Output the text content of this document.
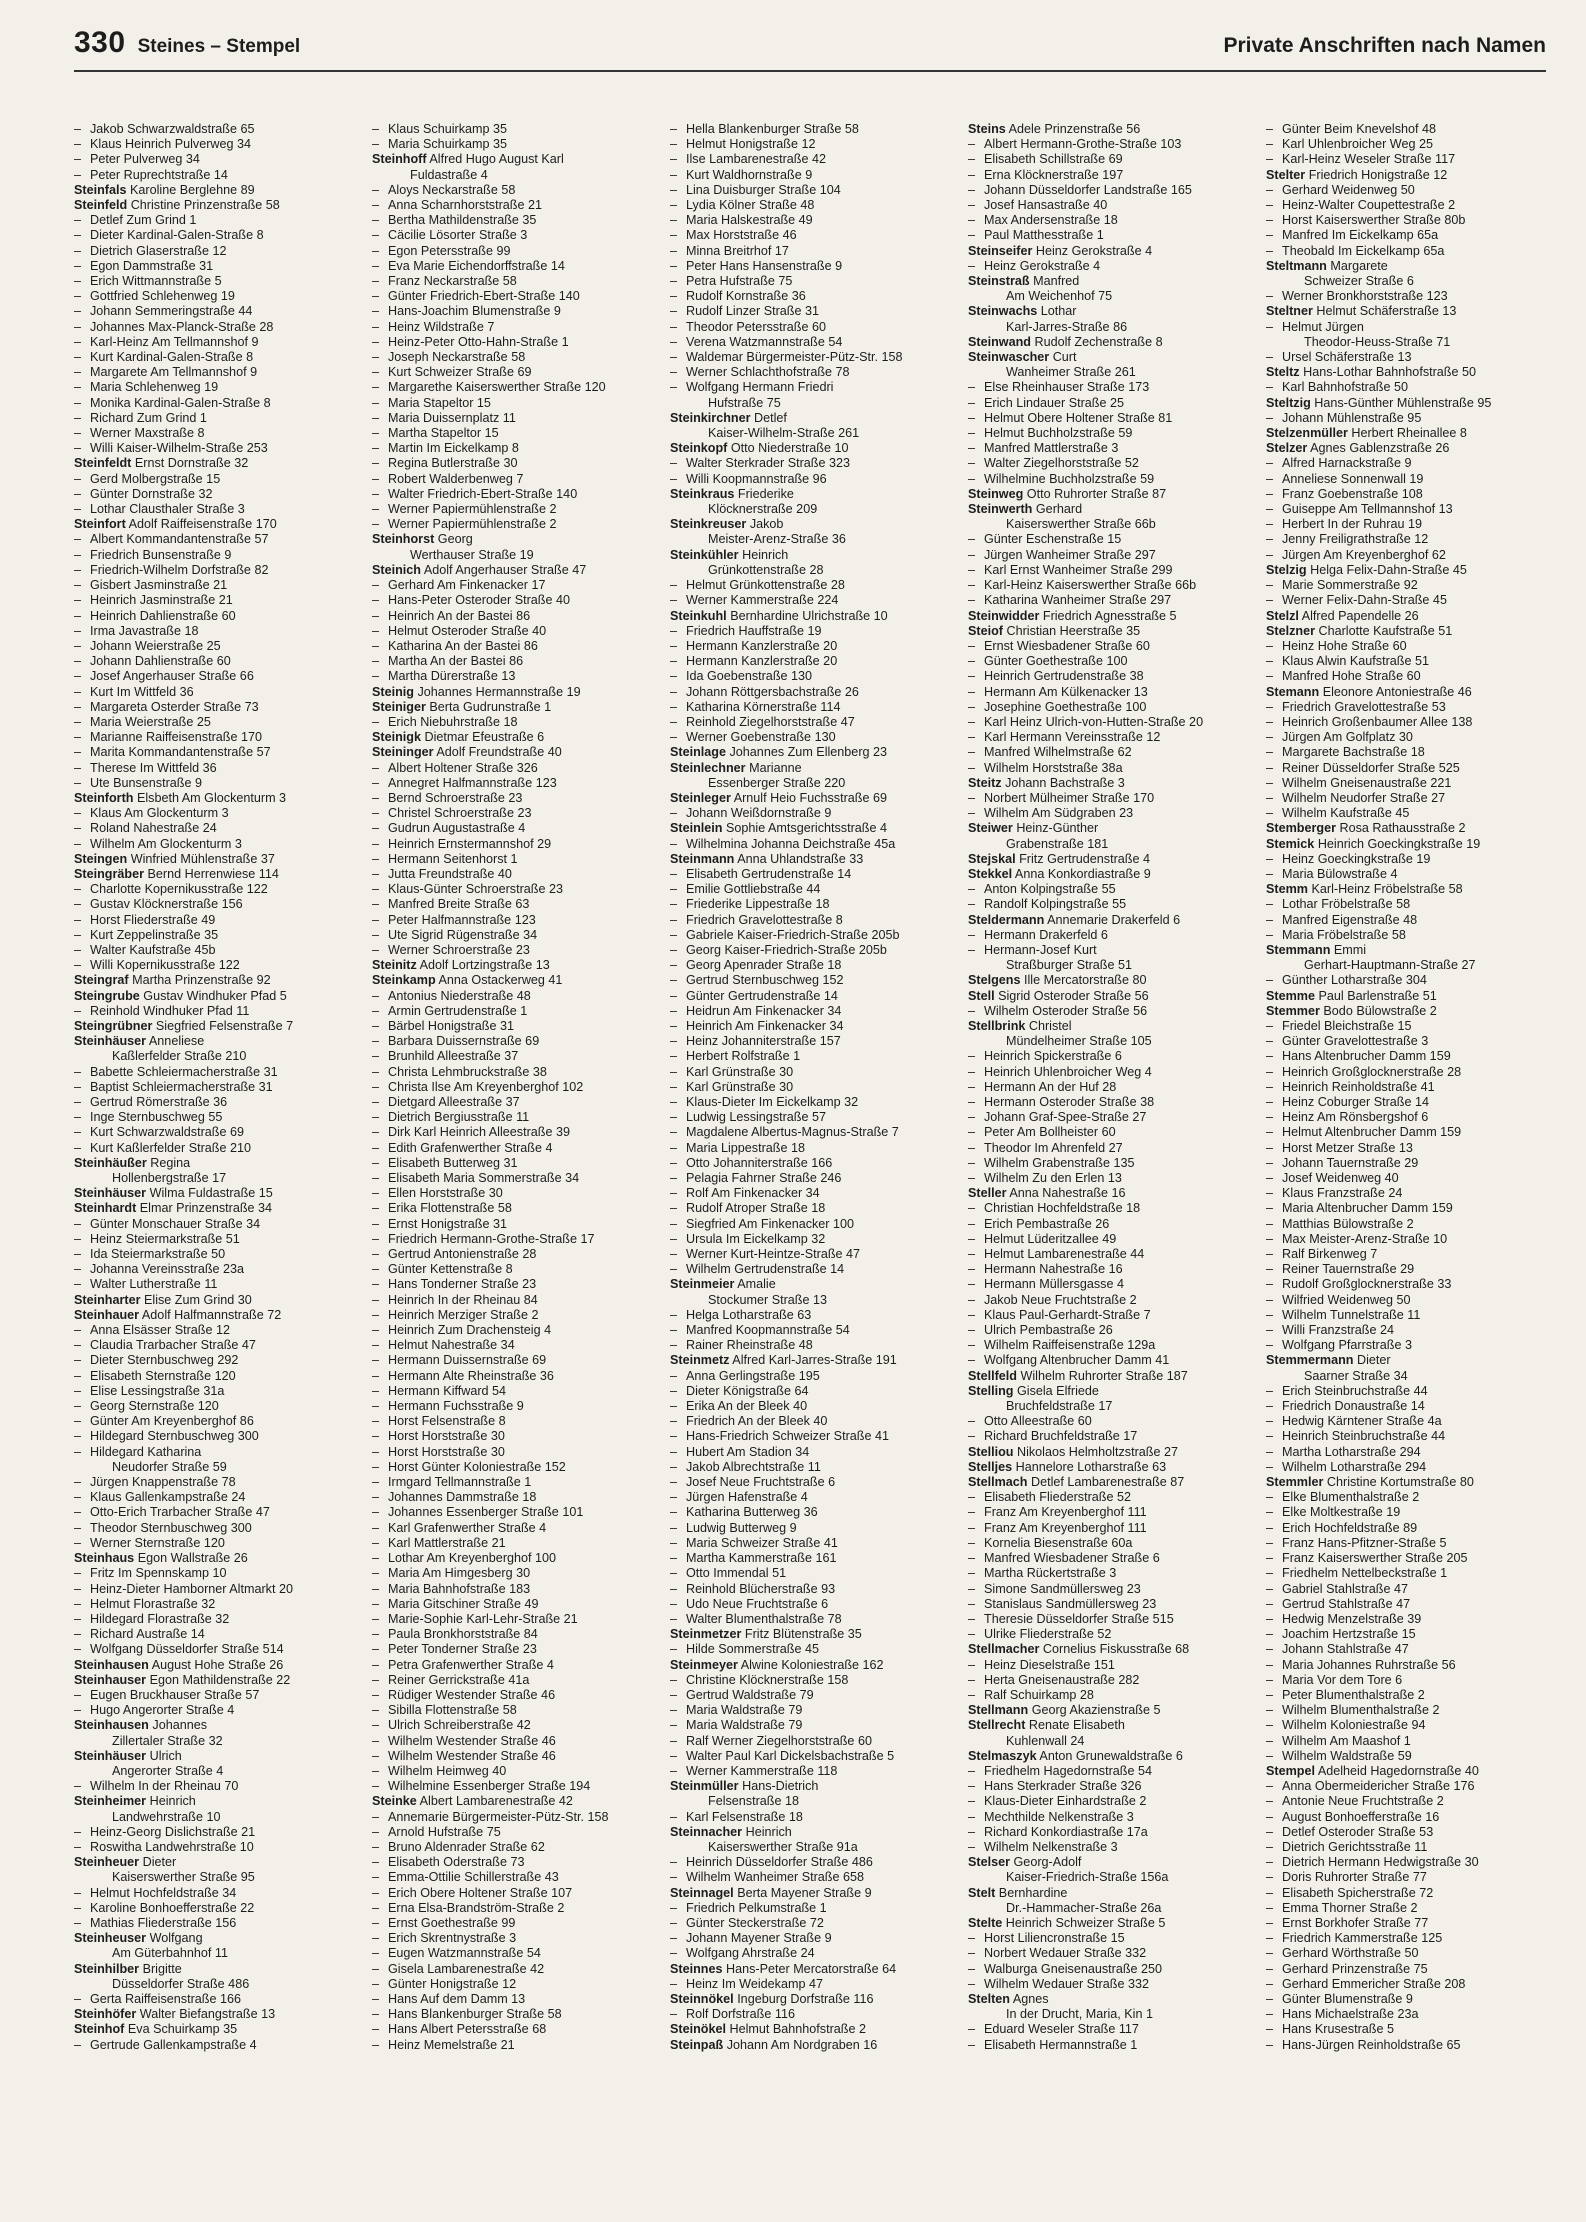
330 Steines – Stempel	Private Anschriften nach Namen
– Jakob Schwarzwaldstraße 65
– Klaus Heinrich Pulverweg 34
– Peter Pulverweg 34
– Peter Ruprechtstraße 14
Steinfals Karoline Berglehne 89
Steinfeld Christine Prinzenstraße 58
– Detlef Zum Grind 1
– Dieter Kardinal-Galen-Straße 8
– Dietrich Glaserstraße 12
– Egon Dammstraße 31
– Erich Wittmannstraße 5
– Gottfried Schlehenweg 19
– Johann Semmeringstraße 44
– Johannes Max-Planck-Straße 28
– Karl-Heinz Am Tellmannshof 9
– Kurt Kardinal-Galen-Straße 8
– Margarete Am Tellmannshof 9
– Maria Schlehenweg 19
– Monika Kardinal-Galen-Straße 8
– Richard Zum Grind 1
– Werner Maxstraße 8
– Willi Kaiser-Wilhelm-Straße 253
Steinfeldt Ernst Dornstraße 32
– Gerd Molbergstraße 15
– Günter Dornstraße 32
– Lothar Clausthaler Straße 3
Steinfort Adolf Raiffeisenstraße 170
– Albert Kommandantenstraße 57
– Friedrich Bunsenstraße 9
– Friedrich-Wilhelm Dorfstraße 82
– Gisbert Jasminstraße 21
– Heinrich Jasminstraße 21
– Heinrich Dahlienstraße 60
– Irma Javastraße 18
– Johann Weierstraße 25
– Johann Dahlienstraße 60
– Josef Angerhauser Straße 66
– Kurt Im Wittfeld 36
– Margareta Osterder Straße 73
– Maria Weierstraße 25
– Marianne Raiffeisenstraße 170
– Marita Kommandantenstraße 57
– Therese Im Wittfeld 36
– Ute Bunsenstraße 9
Steinforth Elsbeth Am Glockenturm 3
– Klaus Am Glockenturm 3
– Roland Nahestraße 24
– Wilhelm Am Glockenturm 3
Steingen Winfried Mühlenstraße 37
Steingräber Bernd Herrenwiese 114
– Charlotte Kopernikusstraße 122
– Gustav Klöcknerstraße 156
– Horst Fliederstraße 49
– Kurt Zeppelinstraße 35
– Walter Kaufstraße 45b
– Willi Kopernikusstraße 122
Steingraf Martha Prinzenstraße 92
Steingrube Gustav Windhuker Pfad 5
– Reinhold Windhuker Pfad 11
Steingrübner Siegfried Felsenstraße 7
Steinhäuser Anneliese
Kaßlerfelder Straße 210
– Babette Schleiermacherstraße 31
– Baptist Schleiermacherstraße 31
– Gertrud Römerstraße 36
– Inge Sternbuschweg 55
– Kurt Schwarzwaldstraße 69
– Kurt Kaßlerfelder Straße 210
Steinhäußer Regina
Hollenbergstraße 17
Steinhäuser Wilma Fuldastraße 15
Steinhardt Elmar Prinzenstraße 34
– Günter Monschauer Straße 34
– Heinz Steiermarkstraße 51
– Ida Steiermarkstraße 50
– Johanna Vereinsstraße 23a
– Walter Lutherstraße 11
Steinharter Elise Zum Grind 30
Steinhauer Adolf Halfmannstraße 72
– Anna Elsässer Straße 12
– Claudia Trarbacher Straße 47
– Dieter Sternbuschweg 292
– Elisabeth Sternstraße 120
– Elise Lessingstraße 31a
– Georg Sternstraße 120
– Günter Am Kreyenberghof 86
– Hildegard Sternbuschweg 300
– Hildegard Katharina
Neudorfer Straße 59
– Jürgen Knappenstraße 78
– Klaus Gallenkampstraße 24
– Otto-Erich Trarbacher Straße 47
– Theodor Sternbuschweg 300
– Werner Sternstraße 120
Steinhaus Egon Wallstraße 26
– Fritz Im Spennskamp 10
– Heinz-Dieter Hamborner Altmarkt 20
– Helmut Florastraße 32
– Hildegard Florastraße 32
– Richard Austraße 14
– Wolfgang Düsseldorfer Straße 514
Steinhausen August Hohe Straße 26
Steinhauser Egon Mathildenstraße 22
– Eugen Bruckhauser Straße 57
– Hugo Angerorter Straße 4
Steinhausen Johannes
Zillertaler Straße 32
Steinhäuser Ulrich
Angerorter Straße 4
– Wilhelm In der Rheinau 70
Steinheimer Heinrich
Landwehrstraße 10
– Heinz-Georg Dislichstraße 21
– Roswitha Landwehrstraße 10
Steinheuer Dieter
Kaiserswerther Straße 95
– Helmut Hochfeldstraße 34
– Karoline Bonhoefferstraße 22
– Mathias Fliederstraße 156
Steinheuser Wolfgang
Am Güterbahnhof 11
Steinhilber Brigitte
Düsseldorfer Straße 486
– Gerta Raiffeisenstraße 166
Steinhöfer Walter Biefangstraße 13
Steinhof Eva Schuirkamp 35
– Gertrude Gallenkampstraße 4
– Klaus Schuirkamp 35
– Maria Schuirkamp 35
Steinhoff Alfred Hugo August Karl
Fuldastraße 4
– Aloys Neckarstraße 58
– Anna Scharnhorststraße 21
– Bertha Mathildenstraße 35
– Cäcilie Lösorter Straße 3
– Egon Petersstraße 99
– Eva Marie Eichendorffstraße 14
– Franz Neckarstraße 58
– Günter Friedrich-Ebert-Straße 140
– Hans-Joachim Blumenstraße 9
– Heinz Wildstraße 7
– Heinz-Peter Otto-Hahn-Straße 1
– Joseph Neckarstraße 58
– Kurt Schweizer Straße 69
– Margarethe Kaiserswerther Straße 120
– Maria Stapeltor 15
– Maria Duissernplatz 11
– Martha Stapeltor 15
– Martin Im Eickelkamp 8
– Regina Butlerstraße 30
– Robert Walderbenweg 7
– Walter Friedrich-Ebert-Straße 140
– Werner Papiermühlenstraße 2
– Werner Papiermühlenstraße 2
Steinhorst Georg
Werthauser Straße 19
Steinich Adolf Angerhauser Straße 47
– Gerhard Am Finkenacker 17
– Hans-Peter Osteroder Straße 40
– Heinrich An der Bastei 86
– Helmut Osteroder Straße 40
– Katharina An der Bastei 86
– Martha An der Bastei 86
– Martha Dürerstraße 13
Steinig Johannes Hermannstraße 19
Steiniger Berta Gudrunstraße 1
– Erich Niebuhrstraße 18
Steinigk Dietmar Efeustraße 6
Steininger Adolf Freundstraße 40
– Albert Holtener Straße 326
– Annegret Halfmannstraße 123
– Bernd Schroerstraße 23
– Christel Schroerstraße 23
– Gudrun Augustastraße 4
– Heinrich Ernstermannshof 29
– Hermann Seitenhorst 1
– Jutta Freundstraße 40
– Klaus-Günter Schroerstraße 23
– Manfred Breite Straße 63
– Peter Halfmannstraße 123
– Ute Sigrid Rügenstraße 34
– Werner Schroerstraße 23
Steinitz Adolf Lortzingstraße 13
Steinkamp Anna Ostackerweg 41
– Antonius Niederstraße 48
– Armin Gertrudenstraße 1
– Bärbel Honigstraße 31
– Barbara Duissernstraße 69
– Brunhild Alleestraße 37
– Christa Lehmbruckstraße 38
– Christa Ilse Am Kreyenberghof 102
– Dietgard Alleestraße 37
– Dietrich Bergiusstraße 11
– Dirk Karl Heinrich Alleestraße 39
– Edith Grafenwerther Straße 4
– Elisabeth Butterweg 31
– Elisabeth Maria Sommerstraße 34
– Ellen Horststraße 30
– Erika Flottenstraße 58
– Ernst Honigstraße 31
– Friedrich Hermann-Grothe-Straße 17
– Gertrud Antonienstraße 28
– Günter Kettenstraße 8
– Hans Tonderner Straße 23
– Heinrich In der Rheinau 84
– Heinrich Merziger Straße 2
– Heinrich Zum Drachensteig 4
– Helmut Nahestraße 34
– Hermann Duissernstraße 69
– Hermann Alte Rheinstraße 36
– Hermann Kiffward 54
– Hermann Fuchsstraße 9
– Horst Felsenstraße 8
– Horst Horststraße 30
– Horst Horststraße 30
– Horst Günter Koloniestraße 152
– Irmgard Tellmannstraße 1
– Johannes Dammstraße 18
– Johannes Essenberger Straße 101
– Karl Grafenwerther Straße 4
– Karl Mattlerstraße 21
– Lothar Am Kreyenberghof 100
– Maria Am Himgesberg 30
– Maria Bahnhofstraße 183
– Maria Gitschiner Straße 49
– Marie-Sophie Karl-Lehr-Straße 21
– Paula Bronkhorststraße 84
– Peter Tonderner Straße 23
– Petra Grafenwerther Straße 4
– Reiner Gerrickstraße 41a
– Rüdiger Westender Straße 46
– Sibilla Flottenstraße 58
– Ulrich Schreiberstraße 42
– Wilhelm Westender Straße 46
– Wilhelm Westender Straße 46
– Wilhelm Heimweg 40
– Wilhelmine Essenberger Straße 194
Steinke Albert Lambarenestraße 42
– Annemarie Bürgermeister-Pütz-Str. 158
– Arnold Hufstraße 75
– Bruno Aldenrader Straße 62
– Elisabeth Oderstraße 73
– Emma-Ottilie Schillerstraße 43
– Erich Obere Holtener Straße 107
– Erna Elsa-Brandström-Straße 2
– Ernst Goethestraße 99
– Erich Skrentnystraße 3
– Eugen Watzmannstraße 54
– Gisela Lambarenestraße 42
– Günter Honigstraße 12
– Hans Auf dem Damm 13
– Hans Blankenburger Straße 58
– Hans Albert Petersstraße 68
– Heinz Memelstraße 21
– Hella Blankenburger Straße 58
– Helmut Honigstraße 12
– Ilse Lambarenestraße 42
– Kurt Waldhornstraße 9
– Lina Duisburger Straße 104
– Lydia Kölner Straße 48
– Maria Halskestraße 49
– Max Horststraße 46
– Minna Breitrhof 17
– Peter Hans Hansenstraße 9
– Petra Hufstraße 75
– Rudolf Kornstraße 36
– Rudolf Linzer Straße 31
– Theodor Petersstraße 60
– Verena Watzmannstraße 54
– Waldemar Bürgermeister-Pütz-Str. 158
– Werner Schlachthofstraße 78
– Wolfgang Hermann Friedri
Hufstraße 75
Steinkirchner Detlef
Kaiser-Wilhelm-Straße 261
Steinkopf Otto Niederstraße 10
– Walter Sterkrader Straße 323
– Willi Koopmannstraße 96
Steinkraus Friederike
Klöcknerstraße 209
Steinkreuser Jakob
Meister-Arenz-Straße 36
Steinkühler Heinrich
Grünkottenstraße 28
– Helmut Grünkottenstraße 28
– Werner Kammerstraße 224
Steinkuhl Bernhardine Ulrichstraße 10
– Friedrich Hauffstraße 19
– Hermann Kanzlerstraße 20
– Hermann Kanzlerstraße 20
– Ida Goebenstraße 130
– Johann Röttgersbachstraße 26
– Katharina Körnerstraße 114
– Reinhold Ziegelhorststraße 47
– Werner Goebenstraße 130
Steinlage Johannes Zum Ellenberg 23
Steinlechner Marianne
Essenberger Straße 220
Steinleger Arnulf Heio Fuchsstraße 69
– Johann Weißdornstraße 9
Steinlein Sophie Amtsgerichtsstraße 4
– Wilhelmina Johanna Deichstraße 45a
Steinmann Anna Uhlandstraße 33
– Elisabeth Gertrudenstraße 14
– Emilie Gottliebstraße 44
– Friederike Lippestraße 18
– Friedrich Gravelottestraße 8
– Gabriele Kaiser-Friedrich-Straße 205b
– Georg Kaiser-Friedrich-Straße 205b
– Georg Apenrader Straße 18
– Gertrud Sternbuschweg 152
– Günter Gertrudenstraße 14
– Heidrun Am Finkenacker 34
– Heinrich Am Finkenacker 34
– Heinz Johanniterstraße 157
– Herbert Rolfstraße 1
– Karl Grünstraße 30
– Karl Grünstraße 30
– Klaus-Dieter Im Eickelkamp 32
– Ludwig Lessingstraße 57
– Magdalene Albertus-Magnus-Straße 7
– Maria Lippestraße 18
– Otto Johanniterstraße 166
– Pelagia Fahrner Straße 246
– Rolf Am Finkenacker 34
– Rudolf Atroper Straße 18
– Siegfried Am Finkenacker 100
– Ursula Im Eickelkamp 32
– Werner Kurt-Heintze-Straße 47
– Wilhelm Gertrudenstraße 14
Steinmeier Amalie
Stockumer Straße 13
– Helga Lotharstraße 63
– Manfred Koopmannstraße 54
– Rainer Rheinstraße 48
Steinmetz Alfred Karl-Jarres-Straße 191
– Anna Gerlingstraße 195
– Dieter Königstraße 64
– Erika An der Bleek 40
– Friedrich An der Bleek 40
– Hans-Friedrich Schweizer Straße 41
– Hubert Am Stadion 34
– Jakob Albrechtstraße 11
– Josef Neue Fruchtstraße 6
– Jürgen Hafenstraße 4
– Katharina Butterweg 36
– Ludwig Butterweg 9
– Maria Schweizer Straße 41
– Martha Kammerstraße 161
– Otto Immendal 51
– Reinhold Blücherstraße 93
– Udo Neue Fruchtstraße 6
– Walter Blumenthalstraße 78
Steinmetzer Fritz Blütenstraße 35
– Hilde Sommerstraße 45
Steinmeyer Alwine Koloniestraße 162
– Christine Klöcknerstraße 158
– Gertrud Waldstraße 79
– Maria Waldstraße 79
– Maria Waldstraße 79
– Ralf Werner Ziegelhorststraße 60
– Walter Paul Karl Dickelsbachstraße 5
– Werner Kammerstraße 118
Steinmüller Hans-Dietrich
Felsenstraße 18
– Karl Felsenstraße 18
Steinnacher Heinrich
Kaiserswerther Straße 91a
– Heinrich Düsseldorfer Straße 486
– Wilhelm Wanheimer Straße 658
Steinnagel Berta Mayener Straße 9
– Friedrich Pelkumstraße 1
– Günter Steckerstraße 72
– Johann Mayener Straße 9
– Wolfgang Ahrstraße 24
Steinnes Hans-Peter Mercatorstraße 64
– Heinz Im Weidekamp 47
Steinnökel Ingeburg Dorfstraße 116
– Rolf Dorfstraße 116
Steinökel Helmut Bahnhofstraße 2
Steinpaß Johann Am Nordgraben 16
Steins Adele Prinzenstraße 56
– Albert Hermann-Grothe-Straße 103
– Elisabeth Schillstraße 69
– Erna Klöcknerstraße 197
– Johann Düsseldorfer Landstraße 165
– Josef Hansastraße 40
– Max Andersenstraße 18
– Paul Matthesstraße 1
Steinseifer Heinz Gerokstraße 4
– Heinz Gerokstraße 4
Steinstraß Manfred
Am Weichenhof 75
Steinwachs Lothar
Karl-Jarres-Straße 86
Steinwand Rudolf Zechenstraße 8
Steinwascher Curt
Wanheimer Straße 261
– Else Rheinhauser Straße 173
– Erich Lindauer Straße 25
– Helmut Obere Holtener Straße 81
– Helmut Buchholzstraße 59
– Manfred Mattlerstraße 3
– Walter Ziegelhorststraße 52
– Wilhelmine Buchholzstraße 59
Steinweg Otto Ruhrorter Straße 87
Steinwerth Gerhard
Kaiserswerther Straße 66b
– Günter Eschenstraße 15
– Jürgen Wanheimer Straße 297
– Karl Ernst Wanheimer Straße 299
– Karl-Heinz Kaiserswerther Straße 66b
– Katharina Wanheimer Straße 297
Steinwidder Friedrich Agnesstraße 5
Steiof Christian Heerstraße 35
– Ernst Wiesbadener Straße 60
– Günter Goethestraße 100
– Heinrich Gertrudenstraße 38
– Hermann Am Külkenacker 13
– Josephine Goethestraße 100
– Karl Heinz Ulrich-von-Hutten-Straße 20
– Karl Hermann Vereinsstraße 12
– Manfred Wilhelmstraße 62
– Wilhelm Horststraße 38a
Steitz Johann Bachstraße 3
– Norbert Mülheimer Straße 170
– Wilhelm Am Südgraben 23
Steiwer Heinz-Günther
Grabenstraße 181
Stejskal Fritz Gertrudenstraße 4
Stekkel Anna Konkordiastraße 9
– Anton Kolpingstraße 55
– Randolf Kolpingstraße 55
Steldermann Annemarie Drakerfeld 6
– Hermann Drakerfeld 6
– Hermann-Josef Kurt
Straßburger Straße 51
Stelgens Ille Mercatorstraße 80
Stell Sigrid Osteroder Straße 56
– Wilhelm Osteroder Straße 56
Stellbrink Christel
Mündelheimer Straße 105
– Heinrich Spickerstraße 6
– Heinrich Uhlenbroicher Weg 4
– Hermann An der Huf 28
– Hermann Osteroder Straße 38
– Johann Graf-Spee-Straße 27
– Peter Am Bollheister 60
– Theodor Im Ahrenfeld 27
– Wilhelm Grabenstraße 135
– Wilhelm Zu den Erlen 13
Steller Anna Nahestraße 16
– Christian Hochfeldstraße 18
– Erich Pembastraße 26
– Helmut Lüderitzallee 49
– Helmut Lambarenestraße 44
– Hermann Nahestraße 16
– Hermann Müllersgasse 4
– Jakob Neue Fruchtstraße 2
– Klaus Paul-Gerhardt-Straße 7
– Ulrich Pembastraße 26
– Wilhelm Raiffeisenstraße 129a
– Wolfgang Altenbrucher Damm 41
Stellfeld Wilhelm Ruhrorter Straße 187
Stelling Gisela Elfriede
Bruchfeldstraße 17
– Otto Alleestraße 60
– Richard Bruchfeldstraße 17
Stelliou Nikolaos Helmholtzstraße 27
Stelljes Hannelore Lotharstraße 63
Stellmach Detlef Lambarenestraße 87
– Elisabeth Fliederstraße 52
– Franz Am Kreyenberghof 111
– Franz Am Kreyenberghof 111
– Kornelia Biesenstraße 60a
– Manfred Wiesbadener Straße 6
– Martha Rückertstraße 3
– Simone Sandmüllersweg 23
– Stanislaus Sandmüllersweg 23
– Theresie Düsseldorfer Straße 515
– Ulrike Fliederstraße 52
Stellmacher Cornelius Fiskusstraße 68
– Heinz Dieselstraße 151
– Herta Gneisenaustraße 282
– Ralf Schuirkamp 28
Stellmann Georg Akazienstraße 5
Stellrecht Renate Elisabeth
Kuhlenwall 24
Stelmaszyk Anton Grunewaldstraße 6
– Friedhelm Hagedornstraße 54
– Hans Sterkrader Straße 326
– Klaus-Dieter Einhardstraße 2
– Mechthilde Nelkenstraße 3
– Richard Konkordiastraße 17a
– Wilhelm Nelkenstraße 3
Stelser Georg-Adolf
Kaiser-Friedrich-Straße 156a
Stelt Bernhardine
Dr.-Hammacher-Straße 26a
Stelte Heinrich Schweizer Straße 5
– Horst Liliencronstraße 15
– Norbert Wedauer Straße 332
– Walburga Gneisenaustraße 250
– Wilhelm Wedauer Straße 332
Stelten Agnes
In der Drucht, Maria, Kin 1
– Eduard Weseler Straße 117
– Elisabeth Hermannstraße 1
– Günter Beim Knevelshof 48
– Karl Uhlenbroicher Weg 25
– Karl-Heinz Weseler Straße 117
Stelter Friedrich Honigstraße 12
– Gerhard Weidenweg 50
– Heinz-Walter Coupettestraße 2
– Horst Kaiserswerther Straße 80b
– Manfred Im Eickelkamp 65a
– Theobald Im Eickelkamp 65a
Steltmann Margarete
Schweizer Straße 6
– Werner Bronkhorststraße 123
Steltner Helmut Schäferstraße 13
– Helmut Jürgen
Theodor-Heuss-Straße 71
– Ursel Schäferstraße 13
Steltz Hans-Lothar Bahnhofstraße 50
– Karl Bahnhofstraße 50
Steltzig Hans-Günther Mühlenstraße 95
– Johann Mühlenstraße 95
Stelzenmüller Herbert Rheinallee 8
Stelzer Agnes Gablenzstraße 26
– Alfred Harnackstraße 9
– Anneliese Sonnenwall 19
– Franz Goebenstraße 108
– Guiseppe Am Tellmannshof 13
– Herbert In der Ruhrau 19
– Jenny Freiligrathstraße 12
– Jürgen Am Kreyenberghof 62
Stelzig Helga Felix-Dahn-Straße 45
– Marie Sommerstraße 92
– Werner Felix-Dahn-Straße 45
Stelzl Alfred Papendelle 26
Stelzner Charlotte Kaufstraße 51
– Heinz Hohe Straße 60
– Klaus Alwin Kaufstraße 51
– Manfred Hohe Straße 60
Stemann Eleonore Antoniestraße 46
– Friedrich Gravelottestraße 53
– Heinrich Großenbaumer Allee 138
– Jürgen Am Golfplatz 30
– Margarete Bachstraße 18
– Reiner Düsseldorfer Straße 525
– Wilhelm Gneisenaustraße 221
– Wilhelm Neudorfer Straße 27
– Wilhelm Kaufstraße 45
Stemberger Rosa Rathausstraße 2
Stemick Heinrich Goeckingkstraße 19
– Heinz Goeckingkstraße 19
– Maria Bülowstraße 4
Stemm Karl-Heinz Fröbelstraße 58
– Lothar Fröbelstraße 58
– Manfred Eigenstraße 48
– Maria Fröbelstraße 58
Stemmann Emmi
Gerhart-Hauptmann-Straße 27
– Günther Lotharstraße 304
Stemme Paul Barlenstraße 51
Stemmer Bodo Bülowstraße 2
– Friedel Bleichstraße 15
– Günter Gravelottestraße 3
– Hans Altenbrucher Damm 159
– Heinrich Großglocknerstraße 28
– Heinrich Reinholdstraße 41
– Heinz Coburger Straße 14
– Heinz Am Rönsbergshof 6
– Helmut Altenbrucher Damm 159
– Horst Metzer Straße 13
– Johann Tauernstraße 29
– Josef Weidenweg 40
– Klaus Franzstraße 24
– Maria Altenbrucher Damm 159
– Matthias Bülowstraße 2
– Max Meister-Arenz-Straße 10
– Ralf Birkenweg 7
– Reiner Tauernstraße 29
– Rudolf Großglocknerstraße 33
– Wilfried Weidenweg 50
– Wilhelm Tunnelstraße 11
– Willi Franzstraße 24
– Wolfgang Pfarrstraße 3
Stemmermann Dieter
Saarner Straße 34
– Erich Steinbruchstraße 44
– Friedrich Donaustraße 14
– Hedwig Kärntener Straße 4a
– Heinrich Steinbruchstraße 44
– Martha Lotharstraße 294
– Wilhelm Lotharstraße 294
Stemmler Christine Kortumstraße 80
– Elke Blumenthalstraße 2
– Elke Moltkestraße 19
– Erich Hochfeldstraße 89
– Franz Hans-Pfitzner-Straße 5
– Franz Kaiserswerther Straße 205
– Friedhelm Nettelbeckstraße 1
– Gabriel Stahlstraße 47
– Gertrud Stahlstraße 47
– Hedwig Menzelstraße 39
– Joachim Hertzstraße 15
– Johann Stahlstraße 47
– Maria Johannes Ruhrstraße 56
– Maria Vor dem Tore 6
– Peter Blumenthalstraße 2
– Wilhelm Blumenthalstraße 2
– Wilhelm Koloniestraße 94
– Wilhelm Am Maashof 1
– Wilhelm Waldstraße 59
Stempel Adelheid Hagedornstraße 40
– Anna Obermeidericher Straße 176
– Antonie Neue Fruchtstraße 2
– August Bonhoefferstraße 16
– Detlef Osteroder Straße 53
– Dietrich Gerichtsstraße 11
– Dietrich Hermann Hedwigstraße 30
– Doris Ruhrorter Straße 77
– Elisabeth Spicherstraße 72
– Emma Thorner Straße 2
– Ernst Borkhofer Straße 77
– Friedrich Kammerstraße 125
– Gerhard Wörthstraße 50
– Gerhard Prinzenstraße 75
– Gerhard Emmericher Straße 208
– Günter Blumenstraße 9
– Hans Michaelstraße 23a
– Hans Krusestraße 5
– Hans-Jürgen Reinholdstraße 65
